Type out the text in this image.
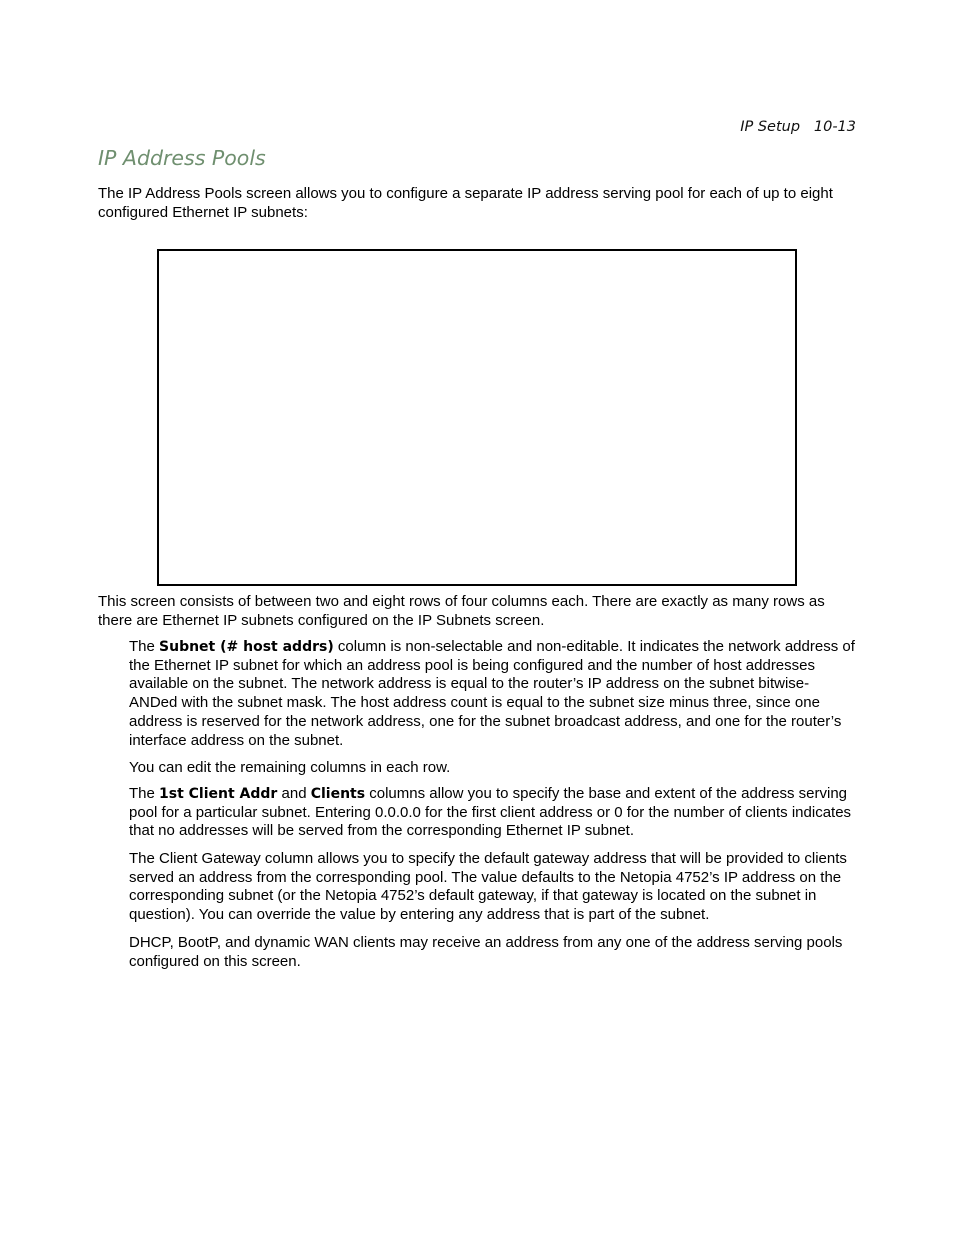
IP Setup   10-13
IP Address Pools

The IP Address Pools screen allows you to configure a separate IP address serving pool for each of up to eight configured Ethernet IP subnets:

This screen consists of between two and eight rows of four columns each. There are exactly as many rows as there are Ethernet IP subnets configured on the IP Subnets screen.

The Subnet (# host addrs) column is non-selectable and non-editable. It indicates the network address of the Ethernet IP subnet for which an address pool is being configured and the number of host addresses available on the subnet. The network address is equal to the router’s IP address on the subnet bitwise-ANDed with the subnet mask. The host address count is equal to the subnet size minus three, since one address is reserved for the network address, one for the subnet broadcast address, and one for the router’s interface address on the subnet.

You can edit the remaining columns in each row.

The 1st Client Addr and Clients columns allow you to specify the base and extent of the address serving pool for a particular subnet. Entering 0.0.0.0 for the first client address or 0 for the number of clients indicates that no addresses will be served from the corresponding Ethernet IP subnet.

The Client Gateway column allows you to specify the default gateway address that will be provided to clients served an address from the corresponding pool. The value defaults to the Netopia 4752’s IP address on the corresponding subnet (or the Netopia 4752’s default gateway, if that gateway is located on the subnet in question). You can override the value by entering any address that is part of the subnet.

DHCP, BootP, and dynamic WAN clients may receive an address from any one of the address serving pools configured on this screen.
